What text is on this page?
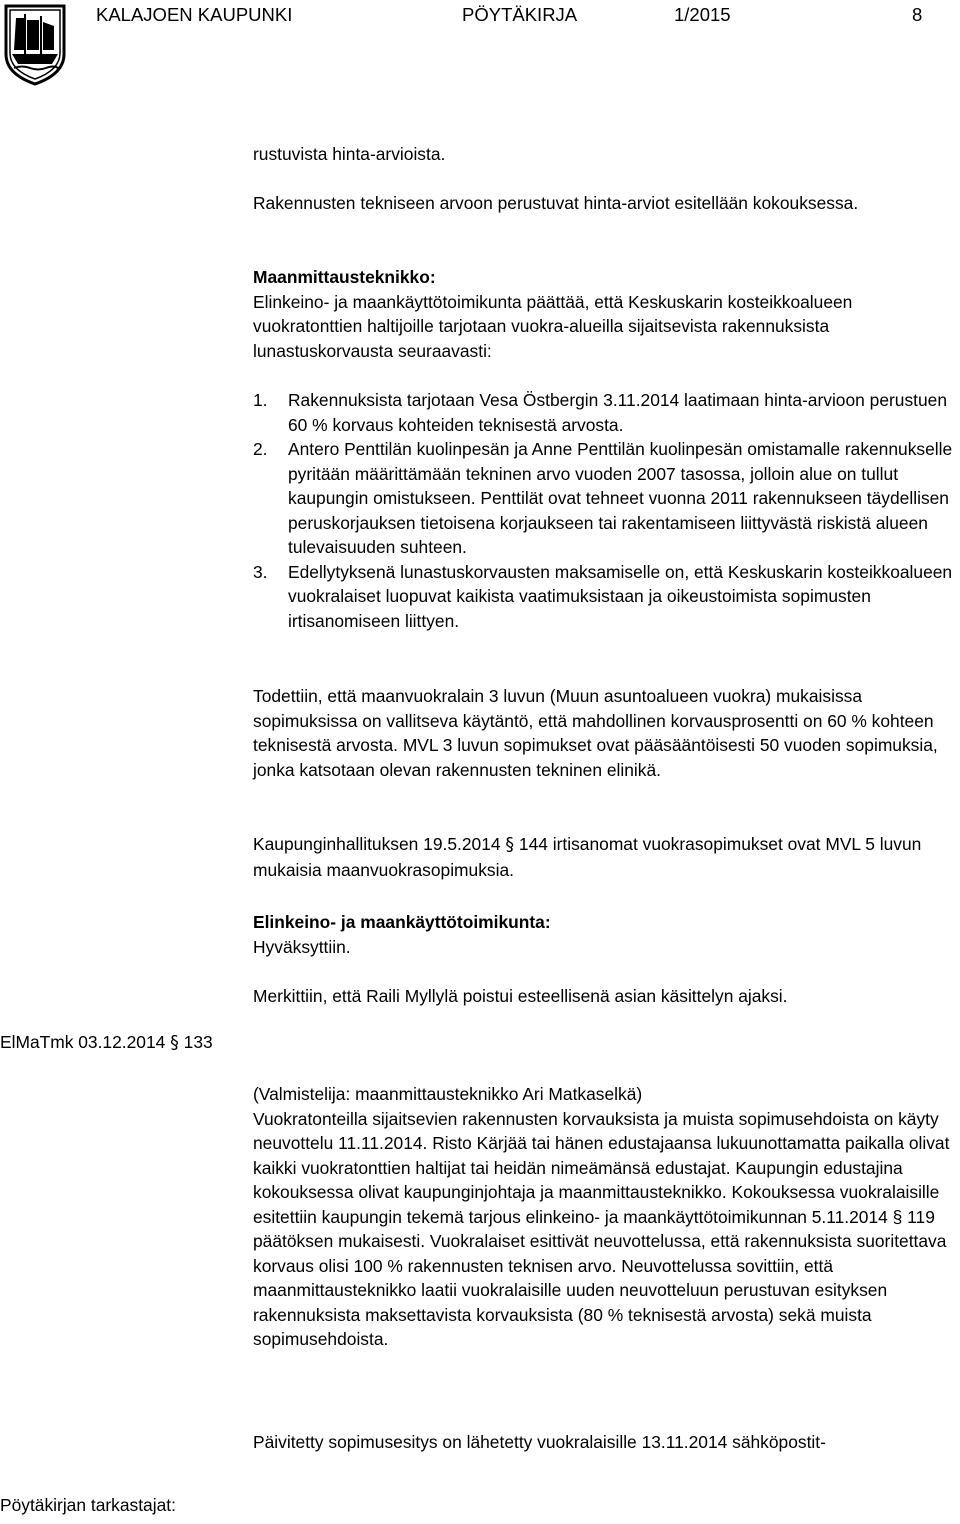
KALAJOEN KAUPUNKI	PÖYTÄKIRJA	1/2015	8

rustuvista hinta-arvioista.

Rakennusten tekniseen arvoon perustuvat hinta-arviot esitellään kokouksessa.

Maanmittausteknikko:

Elinkeino- ja maankäyttötoimikunta päättää, että Keskuskarin kosteikkoalueen vuokratonttien haltijoille tarjotaan vuokra-alueilla sijaitsevista rakennuksista lunastuskorvausta seuraavasti:

1. Rakennuksista tarjotaan Vesa Östbergin 3.11.2014 laatimaan hinta-arvioon perustuen 60 % korvaus kohteiden teknisestä arvosta.
2. Antero Penttilän kuolinpesän ja Anne Penttilän kuolinpesän omistamalle rakennukselle pyritään määrittämään tekninen arvo vuoden 2007 tasossa, jolloin alue on tullut kaupungin omistukseen. Penttilät ovat tehneet vuonna 2011 rakennukseen täydellisen peruskorjauksen tietoisena korjaukseen tai rakentamiseen liittyvästä riskistä alueen tulevaisuuden suhteen.
3. Edellytyksenä lunastuskorvausten maksamiselle on, että Keskuskarin kosteikkoalueen vuokralaiset luopuvat kaikista vaatimuksistaan ja oikeustoimista sopimusten irtisanomiseen liittyen.

Todettiin, että maanvuokralain 3 luvun (Muun asuntoalueen vuokra) mukaisissa sopimuksissa on vallitseva käytäntö, että mahdollinen korvausprosentti on 60 % kohteen teknisestä arvosta. MVL 3 luvun sopimukset ovat pääsääntöisesti 50 vuoden sopimuksia, jonka katsotaan olevan rakennusten tekninen elinikä.

Kaupunginhallituksen 19.5.2014 § 144 irtisanomat vuokrasopimukset ovat MVL 5 luvun mukaisia maanvuokrasopimuksia.

Elinkeino- ja maankäyttötoimikunta:

Hyväksyttiin.

Merkittiin, että Raili Myllylä poistui esteellisenä asian käsittelyn ajaksi.

ElMaTmk 03.12.2014 § 133

(Valmistelija: maanmittausteknikko Ari Matkaselkä)

Vuokratonteilla sijaitsevien rakennusten korvauksista ja muista sopimusehdoista on käyty neuvottelu 11.11.2014. Risto Kärjää tai hänen edustajaansa lukuunottamatta paikalla olivat kaikki vuokratonttien haltijat tai heidän nimeämänsä edustajat. Kaupungin edustajina kokouksessa olivat kaupunginjohtaja ja maanmittausteknikko. Kokouksessa vuokralaisille esitettiin kaupungin tekemä tarjous elinkeino- ja maankäyttötoimikunnan 5.11.2014 § 119 päätöksen mukaisesti. Vuokralaiset esittivät neuvottelussa, että rakennuksista suoritettava korvaus olisi 100 % rakennusten teknisen arvo. Neuvottelussa sovittiin, että maanmittausteknikko laatii vuokralaisille uuden neuvotteluun perustuvan esityksen rakennuksista maksettavista korvauksista (80 % teknisestä arvosta) sekä muista sopimusehdoista.

Päivitetty sopimusesitys on lähetetty vuokralaisille 13.11.2014 sähköpostit-

Pöytäkirjan tarkastajat:
